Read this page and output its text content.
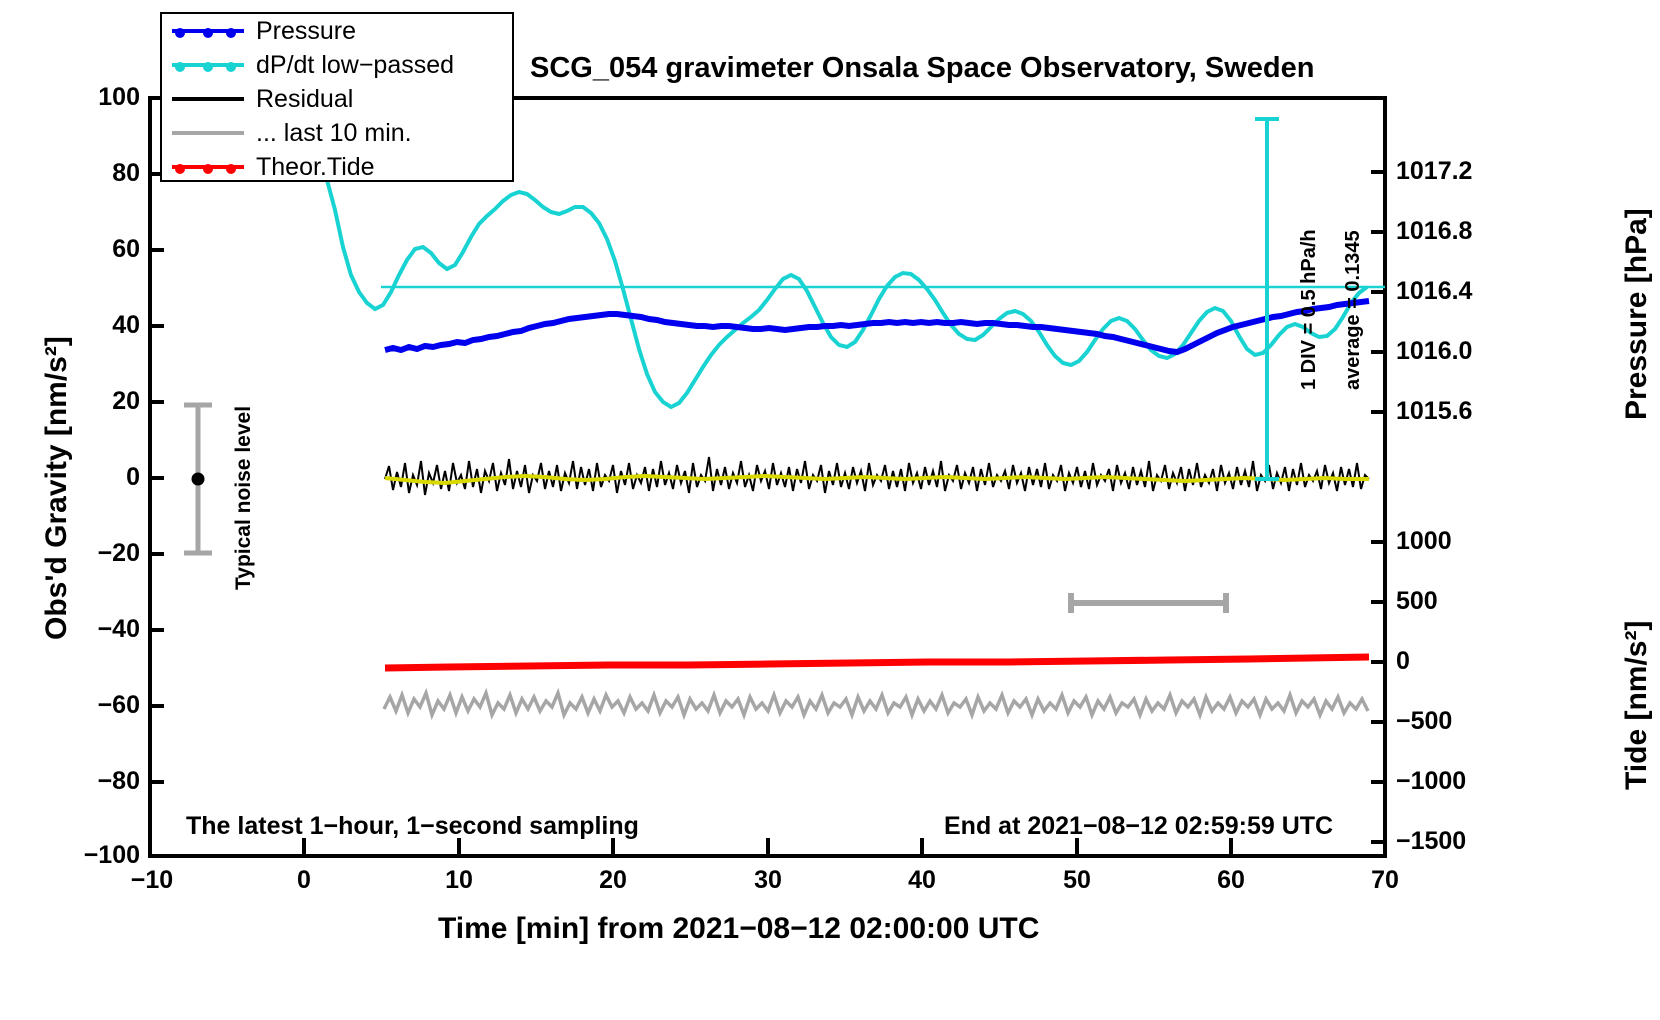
100
80
60
40
20
0
−20
−40
−60
−80
−100
−10	0	10	20	30	40	50	60	70
1017.2
1016.8
1016.4
1016.0
1015.6
1000
500
0
−500
−1000
−1500
SCG_054 gravimeter Onsala Space Observatory, Sweden
Pressure
dP/dt low−passed
Residual
... last 10 min.
Theor.Tide
Obs'd Gravity [nm/s²]
Time [min] from 2021−08−12 02:00:00 UTC
Pressure [hPa]
Tide [nm/s²]
Typical noise level
1 DIV = 0.5 hPa/h average = 0.1345
The latest 1−hour, 1−second sampling	End at 2021−08−12 02:59:59 UTC
